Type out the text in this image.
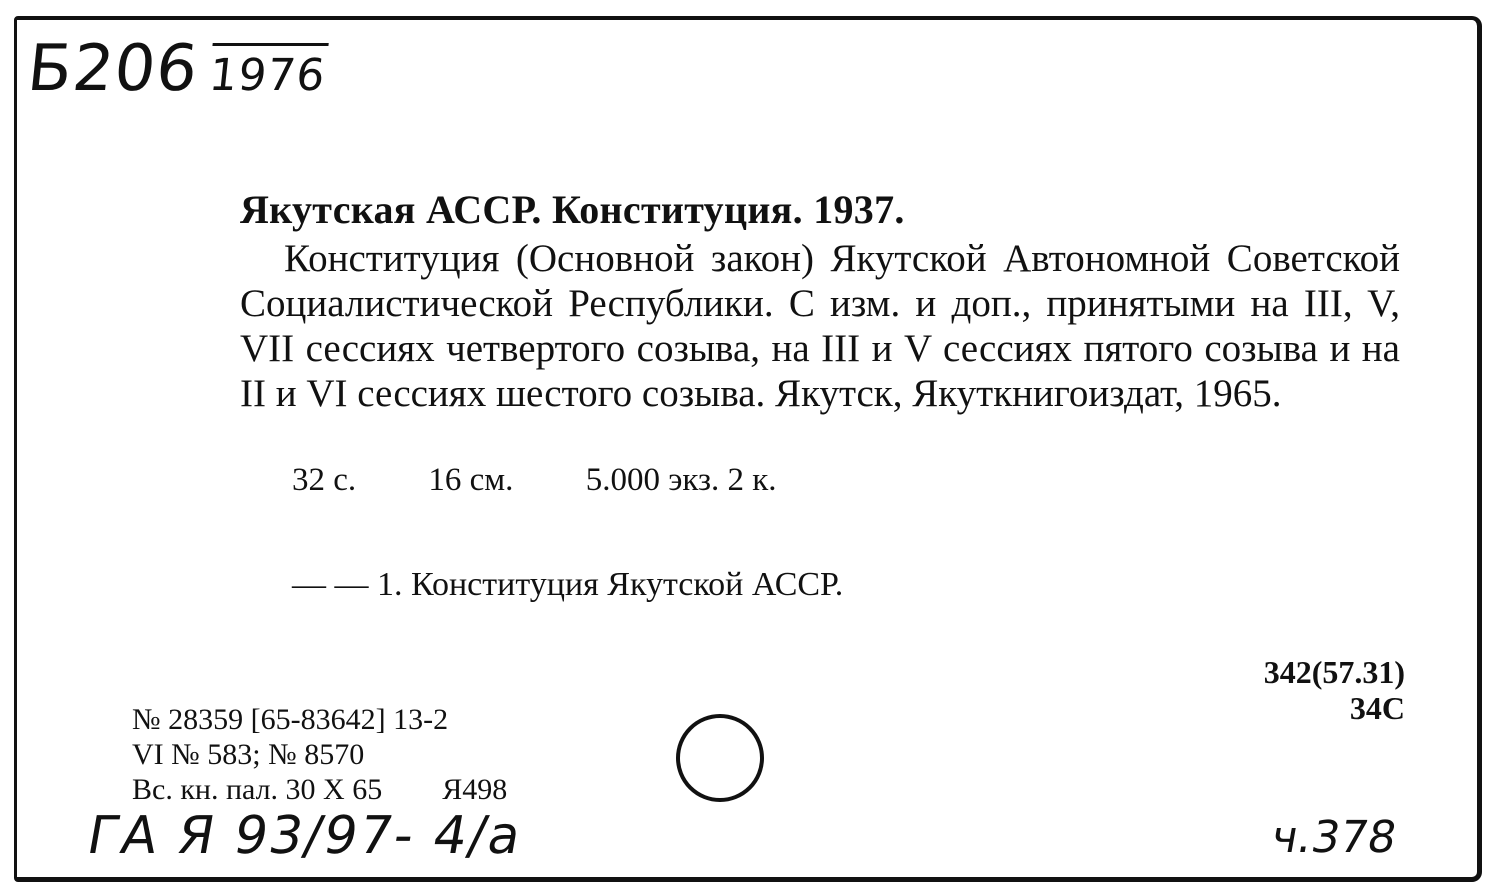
Б206 1976
Якутская АССР. Конституция. 1937.

Конституция (Основной закон) Якутской Автономной Советской Социалистической Республики. С изм. и доп., принятыми на III, V, VII сессиях четвертого созыва, на III и V сессиях пятого созыва и на II и VI сессиях шестого созыва. Якутск, Якуткнигоиздат, 1965.

32 с. 16 см. 5.000 экз. 2 к.
— — 1. Конституция Якутской АССР.
342(57.31)
34С
№ 28359 [65-83642] 13-2
VI № 583; № 8570
Вс. кн. пал. 30 X 65 Я498
ГА Я 93/97- 4/а	ч.378
